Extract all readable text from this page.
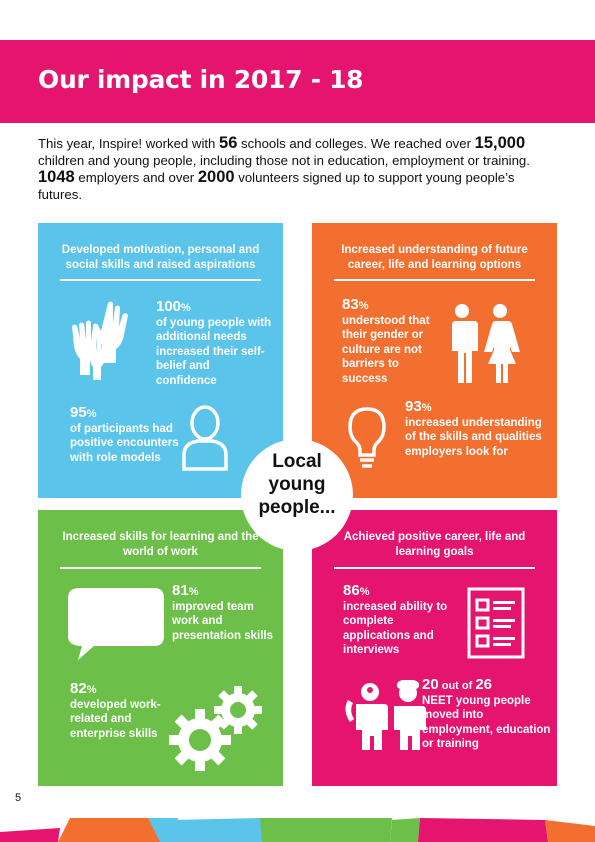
Our impact in 2017 - 18
This year, Inspire! worked with 56 schools and colleges. We reached over 15,000 children and young people, including those not in education, employment or training. 1048 employers and over 2000 volunteers signed up to support young people’s futures.
Developed motivation, personal and social skills and raised aspirations
100%
of young people with additional needs increased their self-belief and confidence
95%
of participants had positive encounters with role models
Increased understanding of future career, life and learning options
83%
understood that their gender or culture are not barriers to success
93%
increased understanding of the skills and qualities employers look for
Increased skills for learning and the world of work
81%
improved team work and presentation skills
82%
developed work-related and enterprise skills
Achieved positive career, life and learning goals
86%
increased ability to complete applications and interviews
20 out of 26
NEET young people moved into employment, education or training
Local
young
people...
5
